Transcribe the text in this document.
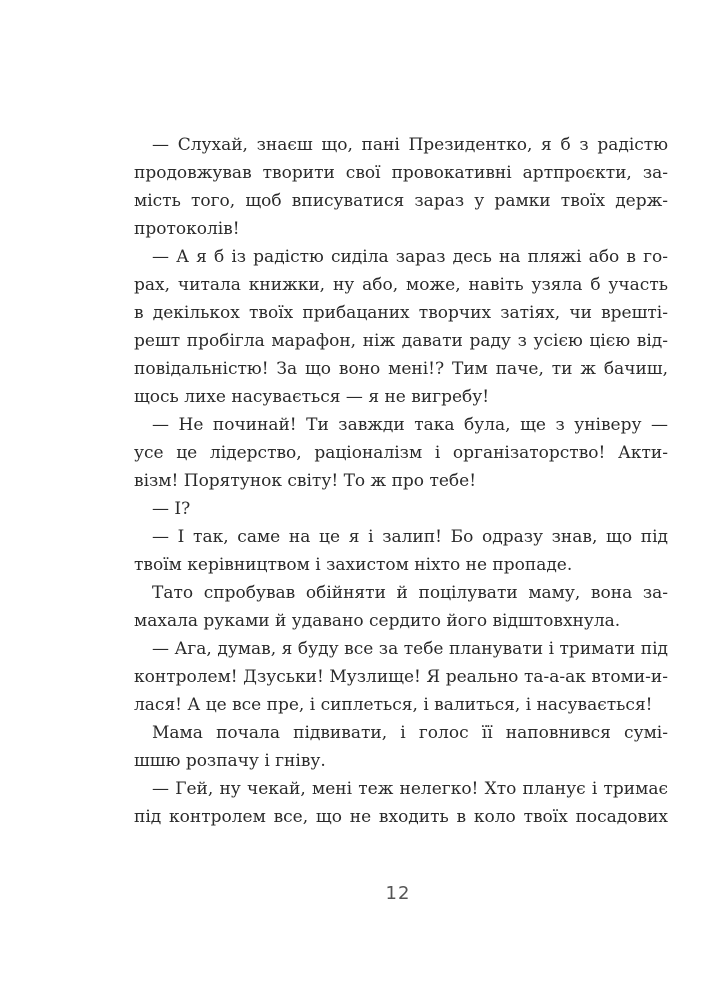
— Слухай, знаєш що, пані Президентко, я б з радістю
продовжував творити свої провокативні артпроєкти, за-
мість того, щоб вписуватися зараз у рамки твоїх держ-
протоколів!
— А я б із радістю сиділа зараз десь на пляжі або в го-
рах, читала книжки, ну або, може, навіть узяла б участь
в декількох твоїх прибацаних творчих затіях, чи врешті-
решт пробігла марафон, ніж давати раду з усією цією від-
повідальністю! За що воно мені!? Тим паче, ти ж бачиш,
щось лихе насувається — я не вигребу!
— Не починай! Ти завжди така була, ще з універу —
усе це лідерство, раціоналізм і організаторство! Акти-
візм! Порятунок світу! То ж про тебе!
— І?
— І так, саме на це я і залип! Бо одразу знав, що під
твоїм керівництвом і захистом ніхто не пропаде.
Тато спробував обійняти й поцілувати маму, вона за-
махала руками й удавано сердито його відштовхнула.
— Ага, думав, я буду все за тебе планувати і тримати під
контролем! Дзуськи! Музлище! Я реально та-а-ак втоми-и-
лася! А це все пре, і сиплеться, і валиться, і насувається!
Мама почала підвивати, і голос її наповнився сумі-
шшю розпачу і гніву.
— Гей, ну чекай, мені теж нелегко! Хто планує і тримає
під контролем все, що не входить в коло твоїх посадових
12
